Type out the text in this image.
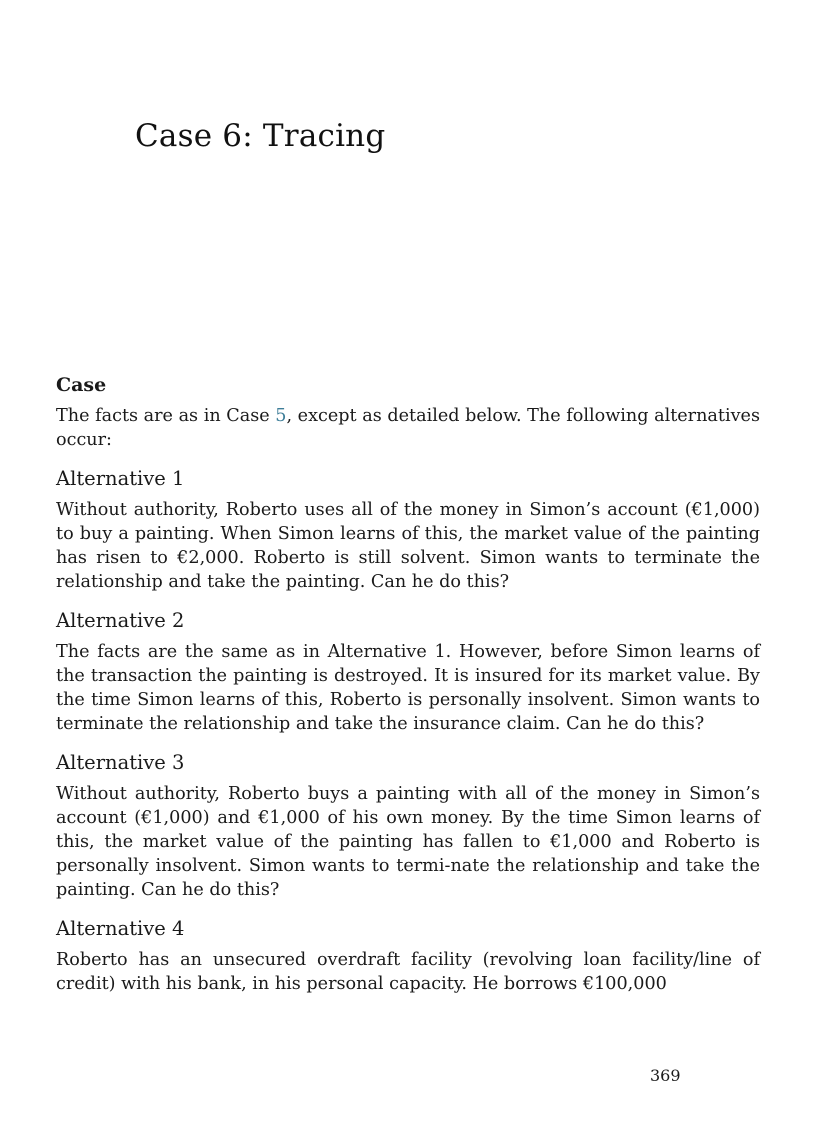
Case 6: Tracing
Case

The facts are as in Case 5, except as detailed below. The following alternatives occur:

Alternative 1

Without authority, Roberto uses all of the money in Simon’s account (€1,000) to buy a painting. When Simon learns of this, the market value of the painting has risen to €2,000. Roberto is still solvent. Simon wants to terminate the relationship and take the painting. Can he do this?

Alternative 2

The facts are the same as in Alternative 1. However, before Simon learns of the transaction the painting is destroyed. It is insured for its market value. By the time Simon learns of this, Roberto is personally insolvent. Simon wants to terminate the relationship and take the insurance claim. Can he do this?

Alternative 3

Without authority, Roberto buys a painting with all of the money in Simon’s account (€1,000) and €1,000 of his own money. By the time Simon learns of this, the market value of the painting has fallen to €1,000 and Roberto is personally insolvent. Simon wants to termi-nate the relationship and take the painting. Can he do this?

Alternative 4

Roberto has an unsecured overdraft facility (revolving loan facility/line of credit) with his bank, in his personal capacity. He borrows €100,000

369
